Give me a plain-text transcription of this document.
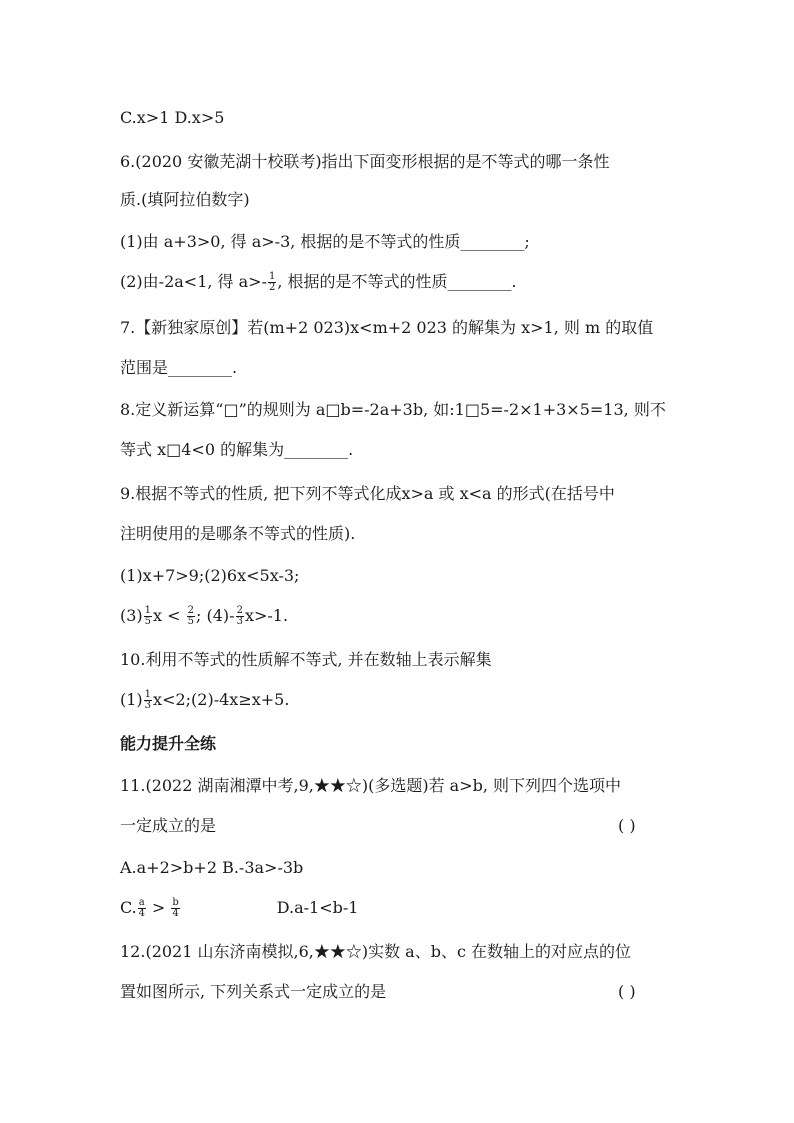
C.x>1 D.x>5
6.(2020 安徽芜湖十校联考)指出下面变形根据的是不等式的哪一条性
质.(填阿拉伯数字)
(1)由 a+3>0, 得 a>-3, 根据的是不等式的性质________;
(2)由-2a<1, 得 $a>- \frac{1}{2}$ , 根据的是不等式的性质________.
7.【新独家原创】若(m+2 023)x<m+2 023 的解集为 x>1, 则 m 的取值
范围是________.
8.定义新运算“□”的规则为 a□b=-2a+3b, 如:1□5=-2×1+3×5=13, 则不
等式 x□4<0 的解集为________.
9.根据不等式的性质, 把下列不等式化成x>a 或 x<a 的形式(在括号中
注明使用的是哪条不等式的性质).
(1)x+7>9;(2)6x<5x-3;
$(3) \frac{1}{5}$ $x < \frac{2}{5}$ ; $(4)- \frac{2}{3} x>-1$.
10.利用不等式的性质解不等式, 并在数轴上表示解集
$(1) \frac{1}{3}$ x<2;(2)-4x≥x+5.
能力提升全练
11.(2022 湖南湘潭中考,9,★★☆)(多选题)若 a>b, 则下列四个选项中
一定成立的是	( )
A.a+2>b+2 B.-3a>-3b
C. $\frac{a}{4} > \frac{b}{4}$	D.a-1<b-1
12.(2021 山东济南模拟,6,★★☆)实数 a、b、c 在数轴上的对应点的位
置如图所示, 下列关系式一定成立的是	( )
